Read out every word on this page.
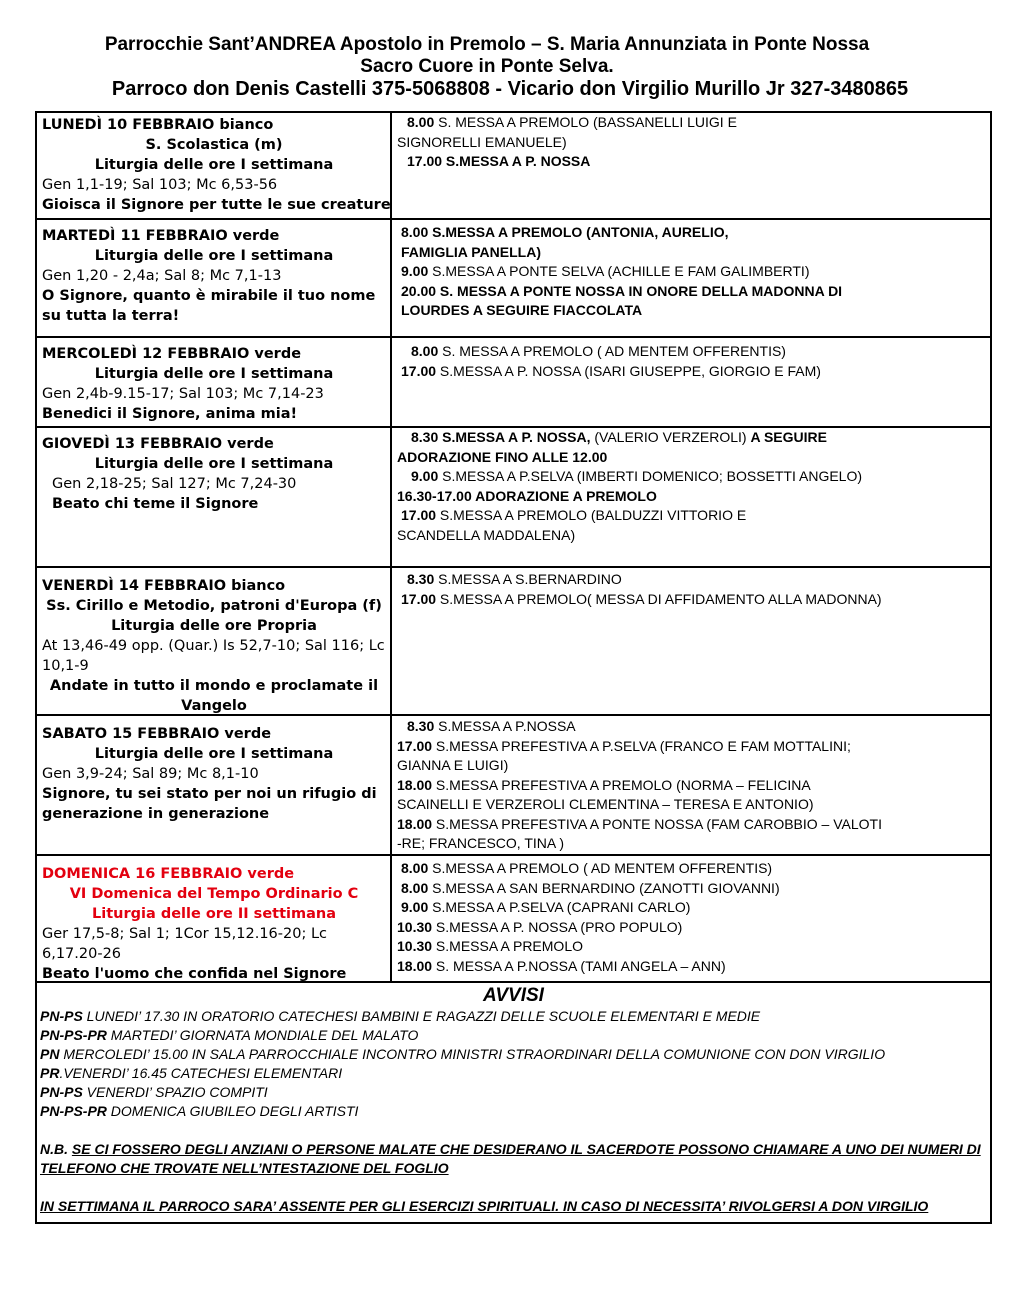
Parrocchie Sant’ANDREA Apostolo in Premolo – S. Maria Annunziata in Ponte Nossa
Sacro Cuore in Ponte Selva.
Parroco don Denis Castelli 375-5068808 - Vicario don Virgilio Murillo Jr 327-3480865
LUNEDÌ 10 FEBBRAIO bianco
S. Scolastica (m)
Liturgia delle ore I settimana
Gen 1,1-19; Sal 103; Mc 6,53-56
Gioisca il Signore per tutte le sue creature
8.00 S. MESSA A PREMOLO (BASSANELLI LUIGI E
SIGNORELLI EMANUELE)
17.00 S.MESSA A P. NOSSA
MARTEDÌ 11 FEBBRAIO verde
Liturgia delle ore I settimana
Gen 1,20 - 2,4a; Sal 8; Mc 7,1-13
O Signore, quanto è mirabile il tuo nome su tutta la terra!
8.00 S.MESSA A PREMOLO (ANTONIA, AURELIO,
FAMIGLIA PANELLA)
9.00 S.MESSA A PONTE SELVA (ACHILLE E FAM GALIMBERTI)
20.00 S. MESSA A PONTE NOSSA IN ONORE DELLA MADONNA DI
LOURDES A SEGUIRE FIACCOLATA
MERCOLEDÌ 12 FEBBRAIO verde
Liturgia delle ore I settimana
Gen 2,4b-9.15-17; Sal 103; Mc 7,14-23
Benedici il Signore, anima mia!
8.00 S. MESSA A PREMOLO ( AD MENTEM OFFERENTIS)
17.00 S.MESSA A P. NOSSA (ISARI GIUSEPPE, GIORGIO E FAM)
GIOVEDÌ 13 FEBBRAIO verde
Liturgia delle ore I settimana
Gen 2,18-25; Sal 127; Mc 7,24-30
Beato chi teme il Signore
8.30 S.MESSA A P. NOSSA, (VALERIO VERZEROLI) A SEGUIRE
ADORAZIONE FINO ALLE 12.00
9.00 S.MESSA A P.SELVA (IMBERTI DOMENICO; BOSSETTI ANGELO)
16.30-17.00 ADORAZIONE A PREMOLO
17.00 S.MESSA A PREMOLO (BALDUZZI VITTORIO E
SCANDELLA MADDALENA)
VENERDÌ 14 FEBBRAIO bianco
Ss. Cirillo e Metodio, patroni d'Europa (f)
Liturgia delle ore Propria
At 13,46-49 opp. (Quar.) Is 52,7-10; Sal 116; Lc 10,1-9
Andate in tutto il mondo e proclamate il Vangelo
8.30 S.MESSA A S.BERNARDINO
17.00 S.MESSA A PREMOLO( MESSA DI AFFIDAMENTO ALLA MADONNA)
SABATO 15 FEBBRAIO verde
Liturgia delle ore I settimana
Gen 3,9-24; Sal 89; Mc 8,1-10
Signore, tu sei stato per noi un rifugio di generazione in generazione
8.30 S.MESSA A P.NOSSA
17.00 S.MESSA PREFESTIVA A P.SELVA (FRANCO E FAM MOTTALINI;
GIANNA E LUIGI)
18.00 S.MESSA PREFESTIVA A PREMOLO (NORMA – FELICINA
SCAINELLI E VERZEROLI CLEMENTINA – TERESA E ANTONIO)
18.00 S.MESSA PREFESTIVA A PONTE NOSSA (FAM CAROBBIO – VALOTI
-RE; FRANCESCO, TINA )
DOMENICA 16 FEBBRAIO verde
VI Domenica del Tempo Ordinario C
Liturgia delle ore II settimana
Ger 17,5-8; Sal 1; 1Cor 15,12.16-20; Lc 6,17.20-26
Beato l'uomo che confida nel Signore
8.00 S.MESSA A PREMOLO ( AD MENTEM OFFERENTIS)
8.00 S.MESSA A SAN BERNARDINO (ZANOTTI GIOVANNI)
9.00 S.MESSA A P.SELVA (CAPRANI CARLO)
10.30 S.MESSA A P. NOSSA (PRO POPULO)
10.30 S.MESSA A PREMOLO
18.00 S. MESSA A P.NOSSA (TAMI ANGELA – ANN)
AVVISI

PN-PS LUNEDI’ 17.30 IN ORATORIO CATECHESI BAMBINI E RAGAZZI DELLE SCUOLE ELEMENTARI E MEDIE

PN-PS-PR MARTEDI’ GIORNATA MONDIALE DEL MALATO

PN MERCOLEDI’ 15.00 IN SALA PARROCCHIALE INCONTRO MINISTRI STRAORDINARI DELLA COMUNIONE CON DON VIRGILIO

PR.VENERDI’ 16.45 CATECHESI ELEMENTARI

PN-PS VENERDI’ SPAZIO COMPITI

PN-PS-PR DOMENICA GIUBILEO DEGLI ARTISTI

N.B. SE CI FOSSERO DEGLI ANZIANI O PERSONE MALATE CHE DESIDERANO IL SACERDOTE POSSONO CHIAMARE A UNO DEI NUMERI DI TELEFONO CHE TROVATE NELL’NTESTAZIONE DEL FOGLIO

IN SETTIMANA IL PARROCO SARA’ ASSENTE PER GLI ESERCIZI SPIRITUALI. IN CASO DI NECESSITA’ RIVOLGERSI A DON VIRGILIO
